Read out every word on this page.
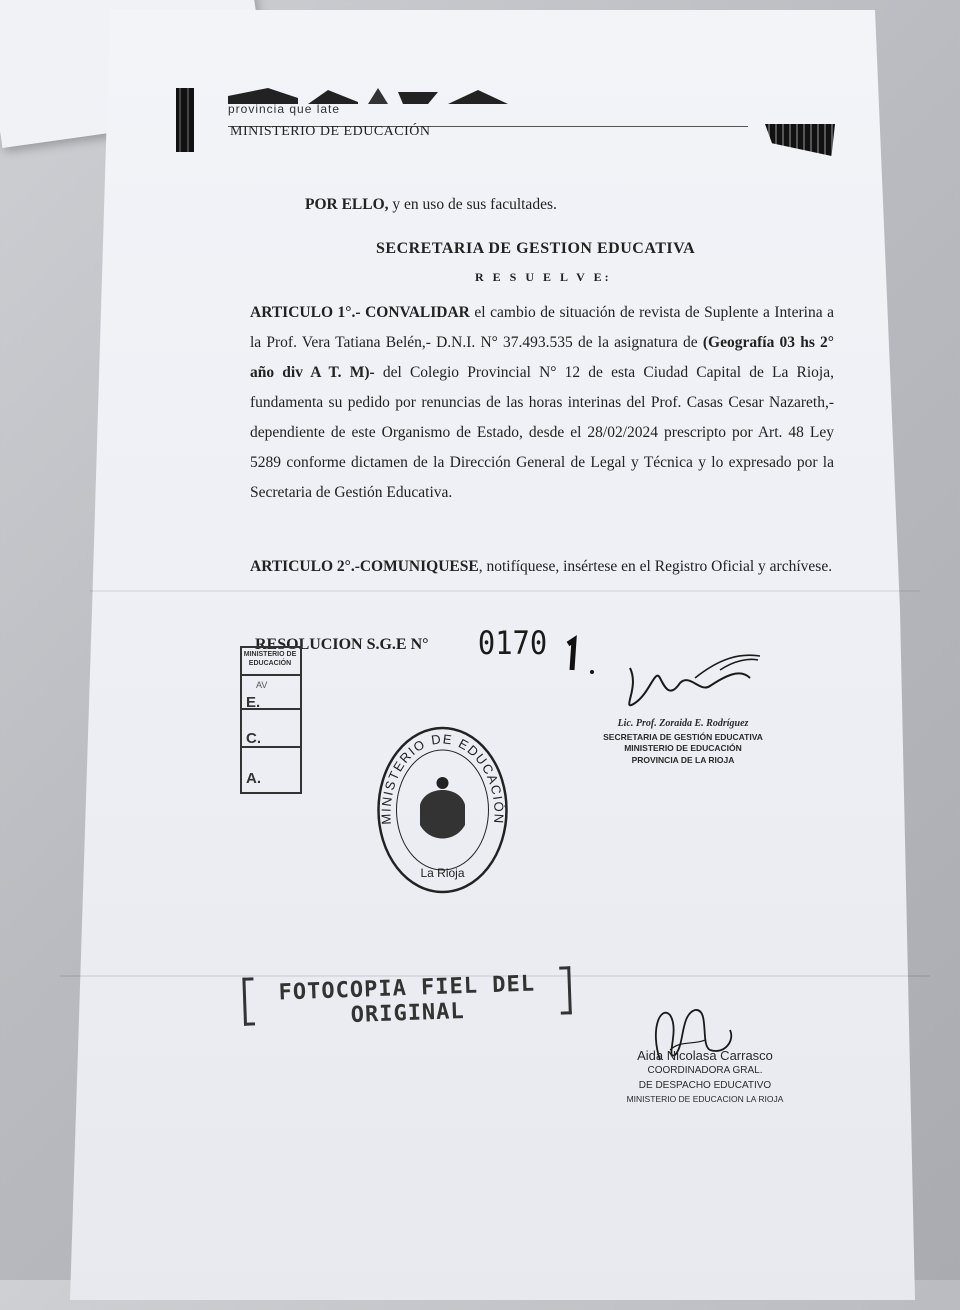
provincia que late
MINISTERIO DE EDUCACIÓN
POR ELLO, y en uso de sus facultades.
SECRETARIA DE GESTION EDUCATIVA
R E S U E L V E:
ARTICULO 1°.- CONVALIDAR el cambio de situación de revista de Suplente a Interina a la Prof. Vera Tatiana Belén,- D.N.I. N° 37.493.535 de la asignatura de (Geografía 03 hs 2° año div A T. M)- del Colegio Provincial N° 12 de esta Ciudad Capital de La Rioja, fundamenta su pedido por renuncias de las horas interinas del Prof. Casas Cesar Nazareth,- dependiente de este Organismo de Estado, desde el 28/02/2024 prescripto por Art. 48 Ley 5289 conforme dictamen de la Dirección General de Legal y Técnica y lo expresado por la Secretaria de Gestión Educativa.
ARTICULO 2°.-COMUNIQUESE, notifíquese, insértese en el Registro Oficial y archívese.
RESOLUCION S.G.E N° 0170
E.
C.
A.
MINISTERIO DE
EDUCACIÓN
AV
Lic. Prof. Zoraida E. Rodríguez
SECRETARIA DE GESTIÓN EDUCATIVA
MINISTERIO DE EDUCACIÓN
PROVINCIA DE LA RIOJA
MINISTERIO DE EDUCACIÓN
La Rioja
FOTOCOPIA FIEL DEL ORIGINAL
Aida Nicolasa Carrasco
COORDINADORA GRAL.
DE DESPACHO EDUCATIVO
MINISTERIO DE EDUCACION LA RIOJA
